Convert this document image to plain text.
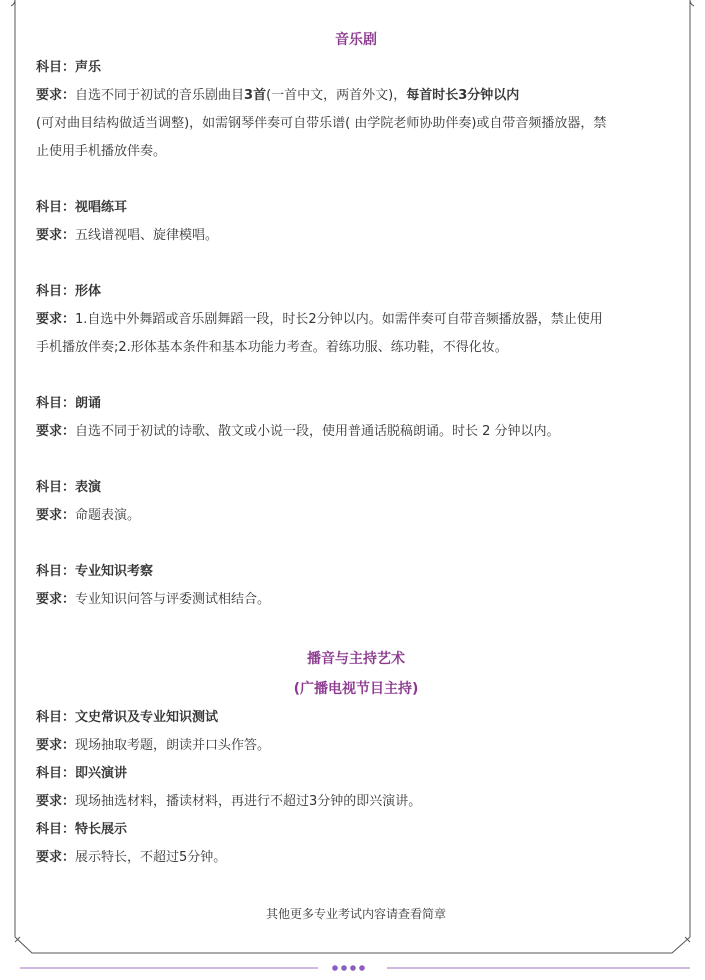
音乐剧
科目：声乐
要求：自选不同于初试的音乐剧曲目3首(一首中文，两首外文)，每首时长3分钟以内
(可对曲目结构做适当调整)，如需钢琴伴奏可自带乐谱( 由学院老师协助伴奏)或自带音频播放器，禁
止使用手机播放伴奏。
科目：视唱练耳
要求：五线谱视唱、旋律模唱。
科目：形体
要求：1.自选中外舞蹈或音乐剧舞蹈一段，时长2分钟以内。如需伴奏可自带音频播放器，禁止使用
手机播放伴奏;2.形体基本条件和基本功能力考查。着练功服、练功鞋，不得化妆。
科目：朗诵
要求：自选不同于初试的诗歌、散文或小说一段，使用普通话脱稿朗诵。时长 2 分钟以内。
科目：表演
要求：命题表演。
科目：专业知识考察
要求：专业知识问答与评委测试相结合。
播音与主持艺术
(广播电视节目主持)
科目：文史常识及专业知识测试
要求：现场抽取考题，朗读并口头作答。
科目：即兴演讲
要求：现场抽选材料，播读材料，再进行不超过3分钟的即兴演讲。
科目：特长展示
要求：展示特长，不超过5分钟。
其他更多专业考试内容请查看简章
